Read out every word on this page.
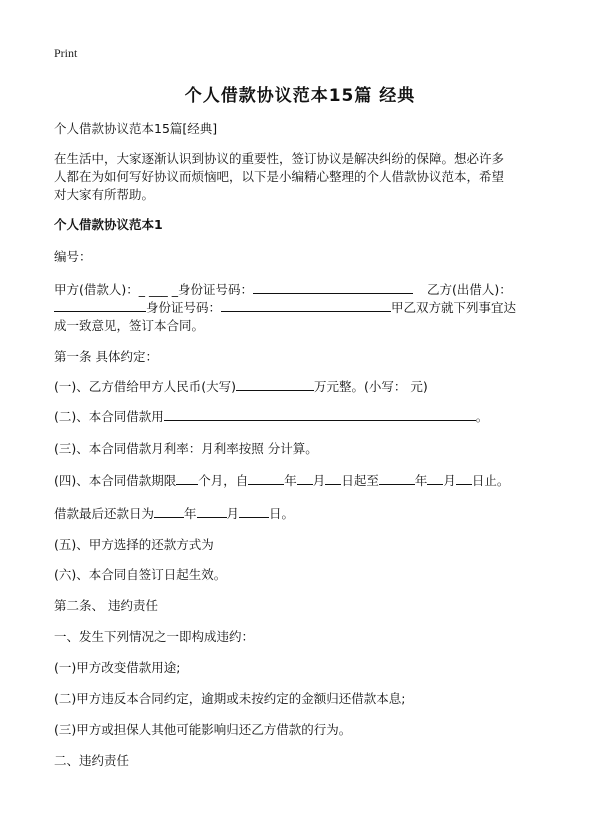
Print
个人借款协议范本15篇 经典
个人借款协议范本15篇[经典]
在生活中，大家逐渐认识到协议的重要性，签订协议是解决纠纷的保障。想必许多
人都在为如何写好协议而烦恼吧，以下是小编精心整理的个人借款协议范本，希望
对大家有所帮助。
个人借款协议范本1
编号：
甲方(借款人)：_ ___ _身份证号码：	乙方(出借人)：
身份证号码：	甲乙双方就下列事宜达
成一致意见，签订本合同。
第一条 具体约定：
(一)、乙方借给甲方人民币(大写)	万元整。(小写： 元)
(二)、本合同借款用	。
(三)、本合同借款月利率：月利率按照 分计算。
(四)、本合同借款期限 个月，自	年 月 日起至	年 月 日止。
借款最后还款日为 年 月 日。
(五)、甲方选择的还款方式为
(六)、本合同自签订日起生效。
第二条、 违约责任
一、发生下列情况之一即构成违约：
(一)甲方改变借款用途;
(二)甲方违反本合同约定，逾期或未按约定的金额归还借款本息;
(三)甲方或担保人其他可能影响归还乙方借款的行为。
二、违约责任
